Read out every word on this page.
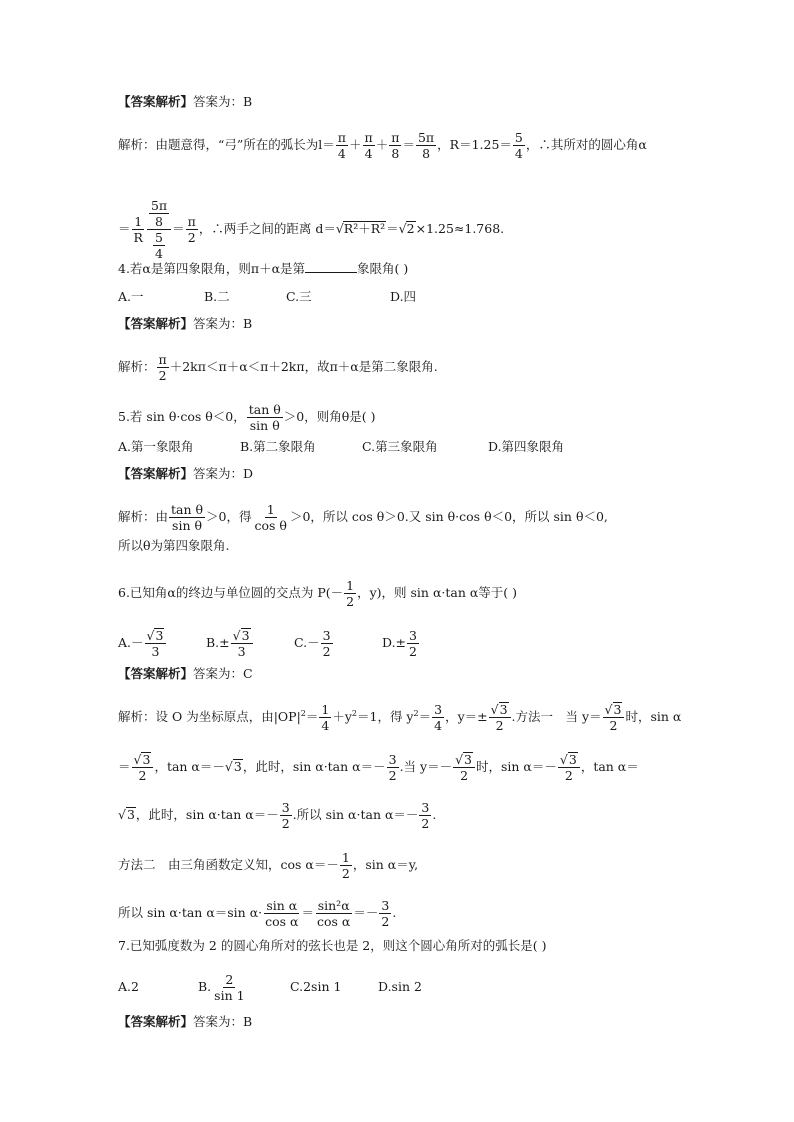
【答案解析】答案为：B
解析：由题意得，“弓”所在的弧长为$l= \frac{\pi}{4} + \frac{\pi}{4} + \frac{\pi}{8} = \frac{5\pi}{8}$ ，$R=1.25= \frac{5}{4}$ ，∴其所对的圆心角α
＝ $\frac{1}{R} \frac{\frac{5\pi}{8}}{\frac{5}{4}} = \frac{\pi}{2}$ ，∴两手之间的距离 d＝√R²＋R²＝√2×1.25≈1.768.
4.若α是第四象限角，则π＋α是第	象限角( )
A.一	B.二	C.三	D.四
【答案解析】答案为：B
解析： $\frac{\pi}{2} +2k\pi<\pi+\alpha<\pi+2k\pi$，故π＋α是第二象限角.
5.若 sin θ·cos θ＜0， $\frac{\text{tan θ}}{\text{sin θ}} >0$，则角θ是( )
A.第一象限角	B.第二象限角	C.第三象限角	D.第四象限角
【答案解析】答案为：D
解析：由 $\frac{\text{tan θ}}{\text{sin θ}} >0$，得 $\frac{1}{\text{cos θ}} >0$，所以 cos θ＞0.又 sin θ·cos θ＜0，所以 sin θ＜0,
所以θ为第四象限角.
6.已知角α的终边与单位圆的交点为 $P(- \frac{1}{2}$ ，y)，则 sin α·tan α等于( )
$A.- \frac{√3}{3}$	$B.\pm \frac{√3}{3}$	$C.- \frac{3}{2}$	$D.\pm \frac{3}{2}$
【答案解析】答案为：C
解析：设 O 为坐标原点，由$|OP|^2= \frac{1}{4} +y^2=1$，得 $y^2= \frac{3}{4}$ ，$y=\pm \frac{√3}{2}$ .方法一　当 $y= \frac{√3}{2}$ 时，sin α
＝ $\frac{√3}{2}$ ，tan α＝－√3，此时，sin α·tan $\alpha=- \frac{3}{2}$ .当 $y=- \frac{√3}{2}$ 时，$\sin \alpha=- \frac{√3}{2}$ ，tan α＝
√3，此时，sin α·tan $\alpha=- \frac{3}{2}$ .所以 sin α·tan $\alpha=- \frac{3}{2}$ .
方法二　由三角函数定义知，$\cos \alpha=- \frac{1}{2}$ ，sin α＝y,
所以 sin α·tan α＝sin $\alpha\cdot \frac{\text{sin α}}{\text{cos α}} = \frac{\text{sin²α}}{\text{cos α}} =- \frac{3}{2}$ .
7.已知弧度数为 2 的圆心角所对的弦长也是 2，则这个圆心角所对的弧长是( )
A.2	B. $\frac{2}{\sin 1}$	C.2sin 1	D.sin 2
【答案解析】答案为：B
